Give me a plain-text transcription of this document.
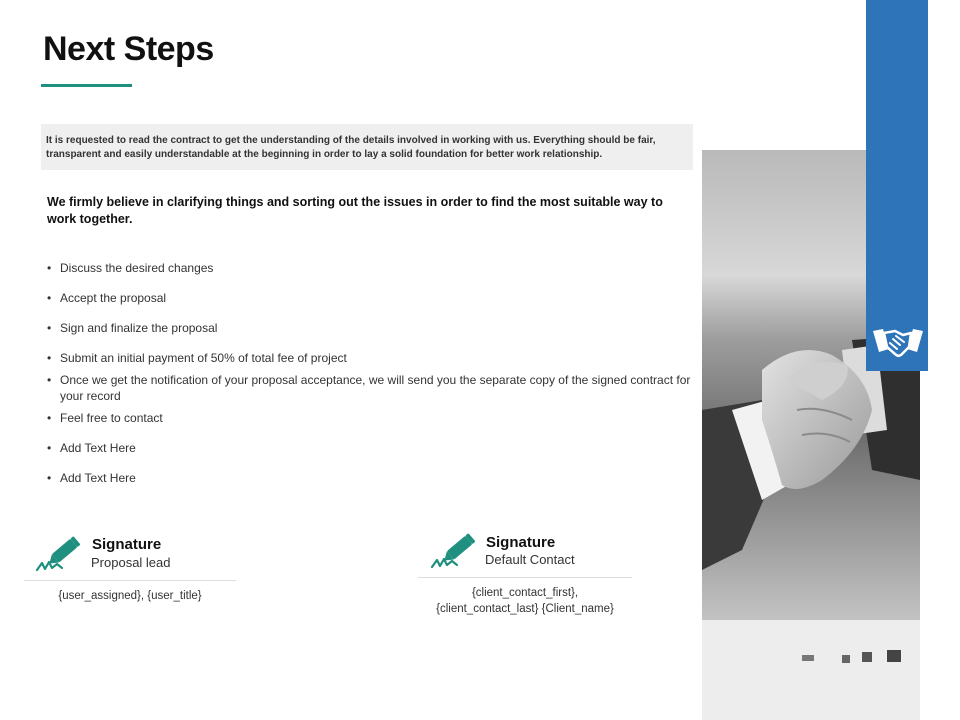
Next Steps
It is requested to read the contract to get the understanding of the details involved in working with us. Everything should be fair, transparent and easily understandable at the beginning in order to lay a solid foundation for better work relationship.
We firmly believe in clarifying things and sorting out the issues in order to find the most suitable way to work together.
• Discuss the desired changes
• Accept the proposal
• Sign and finalize the proposal
• Submit an initial payment of 50% of total fee of project
• Once we get the notification of your proposal acceptance, we will send you the separate copy of the signed contract for your record
• Feel free to contact
• Add Text Here
• Add Text Here
Signature
Proposal lead
{user_assigned}, {user_title}
Signature
Default Contact
{client_contact_first},
{client_contact_last} {Client_name}
